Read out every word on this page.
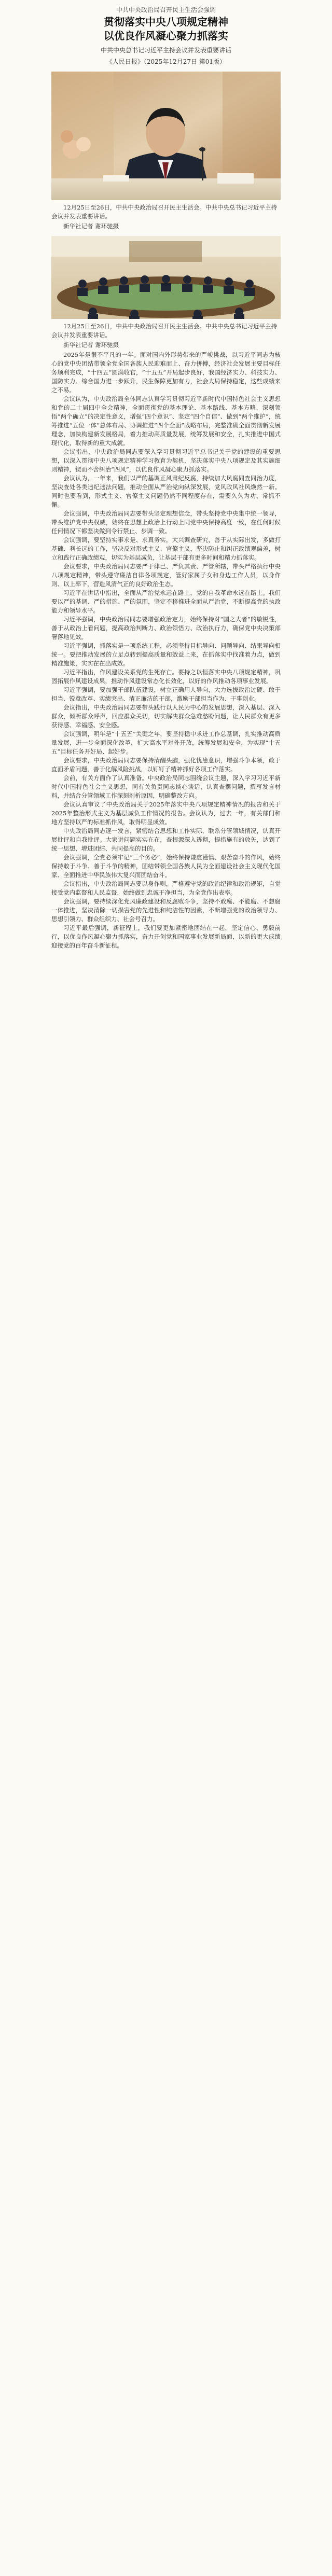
中共中央政治局召开民主生活会强调
贯彻落实中央八项规定精神
以优良作风凝心聚力抓落实
中共中央总书记习近平主持会议并发表重要讲话
《人民日报》（2025年12月27日 第01版）
12月25日至26日，中共中央政治局召开民主生活会。中共中央总书记习近平主持会议并发表重要讲话。
新华社记者 谢环驰摄
12月25日至26日，中共中央政治局召开民主生活会。中共中央总书记习近平主持会议并发表重要讲话。
新华社记者 谢环驰摄

2025年是很不平凡的一年。面对国内外形势带来的严峻挑战，以习近平同志为核心的党中央团结带领全党全国各族人民迎难而上、奋力拼搏，经济社会发展主要目标任务顺利完成，“十四五”圆满收官，“十五五”开局起步良好，我国经济实力、科技实力、国防实力、综合国力进一步跃升，民生保障更加有力，社会大局保持稳定，这些成绩来之不易。

会议认为，中央政治局全体同志认真学习贯彻习近平新时代中国特色社会主义思想和党的二十届四中全会精神，全面贯彻党的基本理论、基本路线、基本方略，深刻领悟“两个确立”的决定性意义，增强“四个意识”、坚定“四个自信”、做到“两个维护”，统筹推进“五位一体”总体布局、协调推进“四个全面”战略布局，完整准确全面贯彻新发展理念，加快构建新发展格局，着力推动高质量发展，统筹发展和安全，扎实推进中国式现代化，取得新的重大成就。

会议指出，中央政治局同志要深入学习贯彻习近平总书记关于党的建设的重要思想，以深入贯彻中央八项规定精神学习教育为契机，坚决落实中央八项规定及其实施细则精神，锲而不舍纠治“四风”，以优良作风凝心聚力抓落实。

会议认为，一年来，我们以严的基调正风肃纪反腐，持续加大风腐同查同治力度，坚决查处各类违纪违法问题，推动全面从严治党向纵深发展，党风政风社风焕然一新。同时也要看到，形式主义、官僚主义问题仍然不同程度存在，需要久久为功、常抓不懈。

会议强调，中央政治局同志要带头坚定理想信念，带头坚持党中央集中统一领导，带头维护党中央权威，始终在思想上政治上行动上同党中央保持高度一致，在任何时候任何情况下都坚决做到令行禁止、步调一致。

会议强调，要坚持实事求是、求真务实，大兴调查研究，善于从实际出发，多做打基础、利长远的工作，坚决反对形式主义、官僚主义，坚决防止和纠正政绩观偏差，树立和践行正确政绩观，切实为基层减负，让基层干部有更多时间和精力抓落实。

会议要求，中央政治局同志要严于律己、严负其责、严管所辖，带头严格执行中央八项规定精神，带头遵守廉洁自律各项规定，管好家属子女和身边工作人员，以身作则、以上率下，营造风清气正的良好政治生态。

习近平在讲话中指出，全面从严治党永远在路上，党的自我革命永远在路上。我们要以严的基调、严的措施、严的氛围，坚定不移推进全面从严治党，不断提高党的执政能力和领导水平。

习近平强调，中央政治局同志要增强政治定力，始终保持对“国之大者”的敏锐性，善于从政治上看问题，提高政治判断力、政治领悟力、政治执行力，确保党中央决策部署落地见效。

习近平强调，抓落实是一项系统工程，必须坚持目标导向、问题导向、结果导向相统一。要把推动发展的立足点转到提高质量和效益上来，在抓落实中找准着力点，做到精准施策，实实在在出成效。

习近平指出，作风建设关系党的生死存亡。要持之以恒落实中央八项规定精神，巩固拓展作风建设成果，推动作风建设常态化长效化，以好的作风推动各项事业发展。

习近平强调，要加强干部队伍建设，树立正确用人导向，大力选拔政治过硬、敢于担当、锐意改革、实绩突出、清正廉洁的干部，激励干部担当作为、干事创业。

会议指出，中央政治局同志要带头践行以人民为中心的发展思想，深入基层、深入群众，倾听群众呼声，回应群众关切，切实解决群众急难愁盼问题，让人民群众有更多获得感、幸福感、安全感。

会议强调，明年是“十五五”关键之年，要坚持稳中求进工作总基调，扎实推动高质量发展，进一步全面深化改革，扩大高水平对外开放，统筹发展和安全，为实现“十五五”目标任务开好局、起好步。

会议要求，中央政治局同志要保持清醒头脑，强化忧患意识，增强斗争本领，敢于直面矛盾问题，善于化解风险挑战，以钉钉子精神抓好各项工作落实。

会前，有关方面作了认真准备。中央政治局同志围绕会议主题，深入学习习近平新时代中国特色社会主义思想，同有关负责同志谈心谈话，认真查摆问题，撰写发言材料，并结合分管领域工作深刻剖析原因，明确整改方向。

会议认真审议了中央政治局关于2025年落实中央八项规定精神情况的报告和关于2025年整治形式主义为基层减负工作情况的报告。会议认为，过去一年，有关部门和地方坚持以严的标准抓作风，取得明显成效。

中央政治局同志逐一发言，紧密结合思想和工作实际，联系分管领域情况，认真开展批评和自我批评。大家讲问题实实在在，查根源深入透彻，提措施有的放矢，达到了统一思想、增进团结、共同提高的目的。

会议强调，全党必须牢记“三个务必”，始终保持谦虚谨慎、艰苦奋斗的作风，始终保持敢于斗争、善于斗争的精神，团结带领全国各族人民为全面建设社会主义现代化国家、全面推进中华民族伟大复兴而团结奋斗。

会议指出，中央政治局同志要以身作则，严格遵守党的政治纪律和政治规矩，自觉接受党内监督和人民监督，始终做到忠诚干净担当，为全党作出表率。

会议强调，要持续深化党风廉政建设和反腐败斗争，坚持不敢腐、不能腐、不想腐一体推进，坚决清除一切损害党的先进性和纯洁性的因素，不断增强党的政治领导力、思想引领力、群众组织力、社会号召力。

习近平最后强调，新征程上，我们要更加紧密地团结在一起，坚定信心、勇毅前行，以优良作风凝心聚力抓落实，奋力开创党和国家事业发展新局面，以新的更大成绩迎接党的百年奋斗新征程。
